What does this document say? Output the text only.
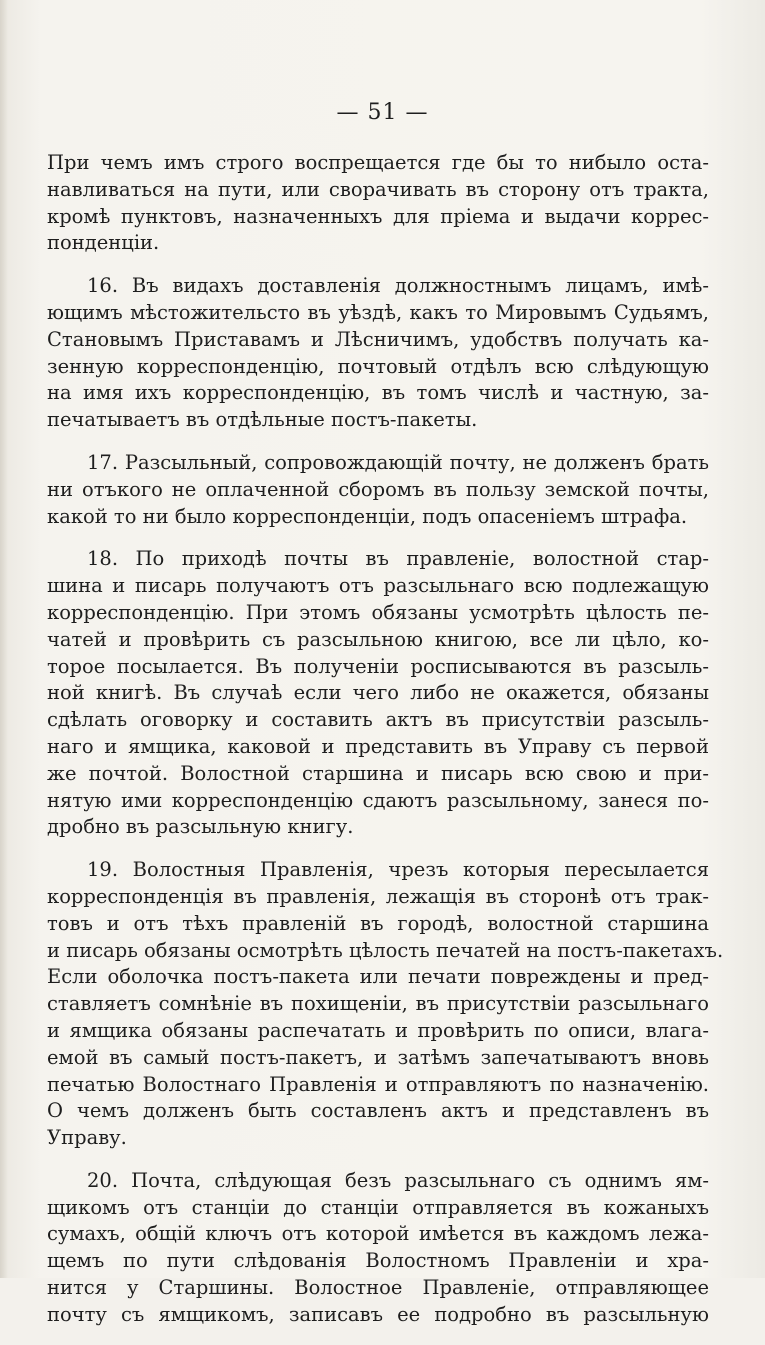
— 51 —

При чемъ имъ строго воспрещается где бы то нибыло оста-
навливаться на пути, или сворачивать въ сторону отъ тракта,
кромѣ пунктовъ, назначенныхъ для прiема и выдачи коррес-
понденцiи.

16. Въ видахъ доставленiя должностнымъ лицамъ, имѣ-
ющимъ мѣстожительсто въ уѣздѣ, какъ то Мировымъ Судьямъ,
Становымъ Приставамъ и Лѣсничимъ, удобствъ получать ка-
зенную корреспонденцiю, почтовый отдѣлъ всю слѣдующую
на имя ихъ корреспонденцiю, въ томъ числѣ и частную, за-
печатываетъ въ отдѣльные постъ-пакеты.

17. Разсыльный, сопровождающiй почту, не долженъ брать
ни отъкого не оплаченной сборомъ въ пользу земской почты,
какой то ни было корреспонденцiи, подъ опасенiемъ штрафа.

18. По приходѣ почты въ правленiе, волостной стар-
шина и писарь получаютъ отъ разсыльнаго всю подлежащую
корреспонденцiю. При этомъ обязаны усмотрѣть цѣлость пе-
чатей и провѣрить съ разсыльною книгою, все ли цѣло, ко-
торое посылается. Въ полученiи росписываются въ разсыль-
ной книгѣ. Въ случаѣ если чего либо не окажется, обязаны
сдѣлать оговорку и составить актъ въ присутствiи разсыль-
наго и ямщика, каковой и представить въ Управу съ первой
же почтой. Волостной старшина и писарь всю свою и при-
нятую ими корреспонденцiю сдаютъ разсыльному, занеся по-
дробно въ разсыльную книгу.

19. Волостныя Правленiя, чрезъ которыя пересылается
корреспонденцiя въ правленiя, лежащiя въ сторонѣ отъ трак-
товъ и отъ тѣхъ правленiй въ городѣ, волостной старшина
и писарь обязаны осмотрѣть цѣлость печатей на постъ-пакетахъ.
Если оболочка постъ-пакета или печати повреждены и пред-
ставляетъ сомнѣнiе въ похищенiи, въ присутствiи разсыльнаго
и ямщика обязаны распечатать и провѣрить по описи, влага-
емой въ самый постъ-пакетъ, и затѣмъ запечатываютъ вновь
печатью Волостнаго Правленiя и отправляютъ по назначенiю.
О чемъ долженъ быть составленъ актъ и представленъ въ
Управу.

20. Почта, слѣдующая безъ разсыльнаго съ однимъ ям-
щикомъ отъ станцiи до станцiи отправляется въ кожаныхъ
сумахъ, общiй ключъ отъ которой имѣется въ каждомъ лежа-
щемъ по пути слѣдованiя Волостномъ Правленiи и хра-
нится у Старшины. Волостное Правленiе, отправляющее
почту съ ямщикомъ, записавъ ее подробно въ разсыльную
